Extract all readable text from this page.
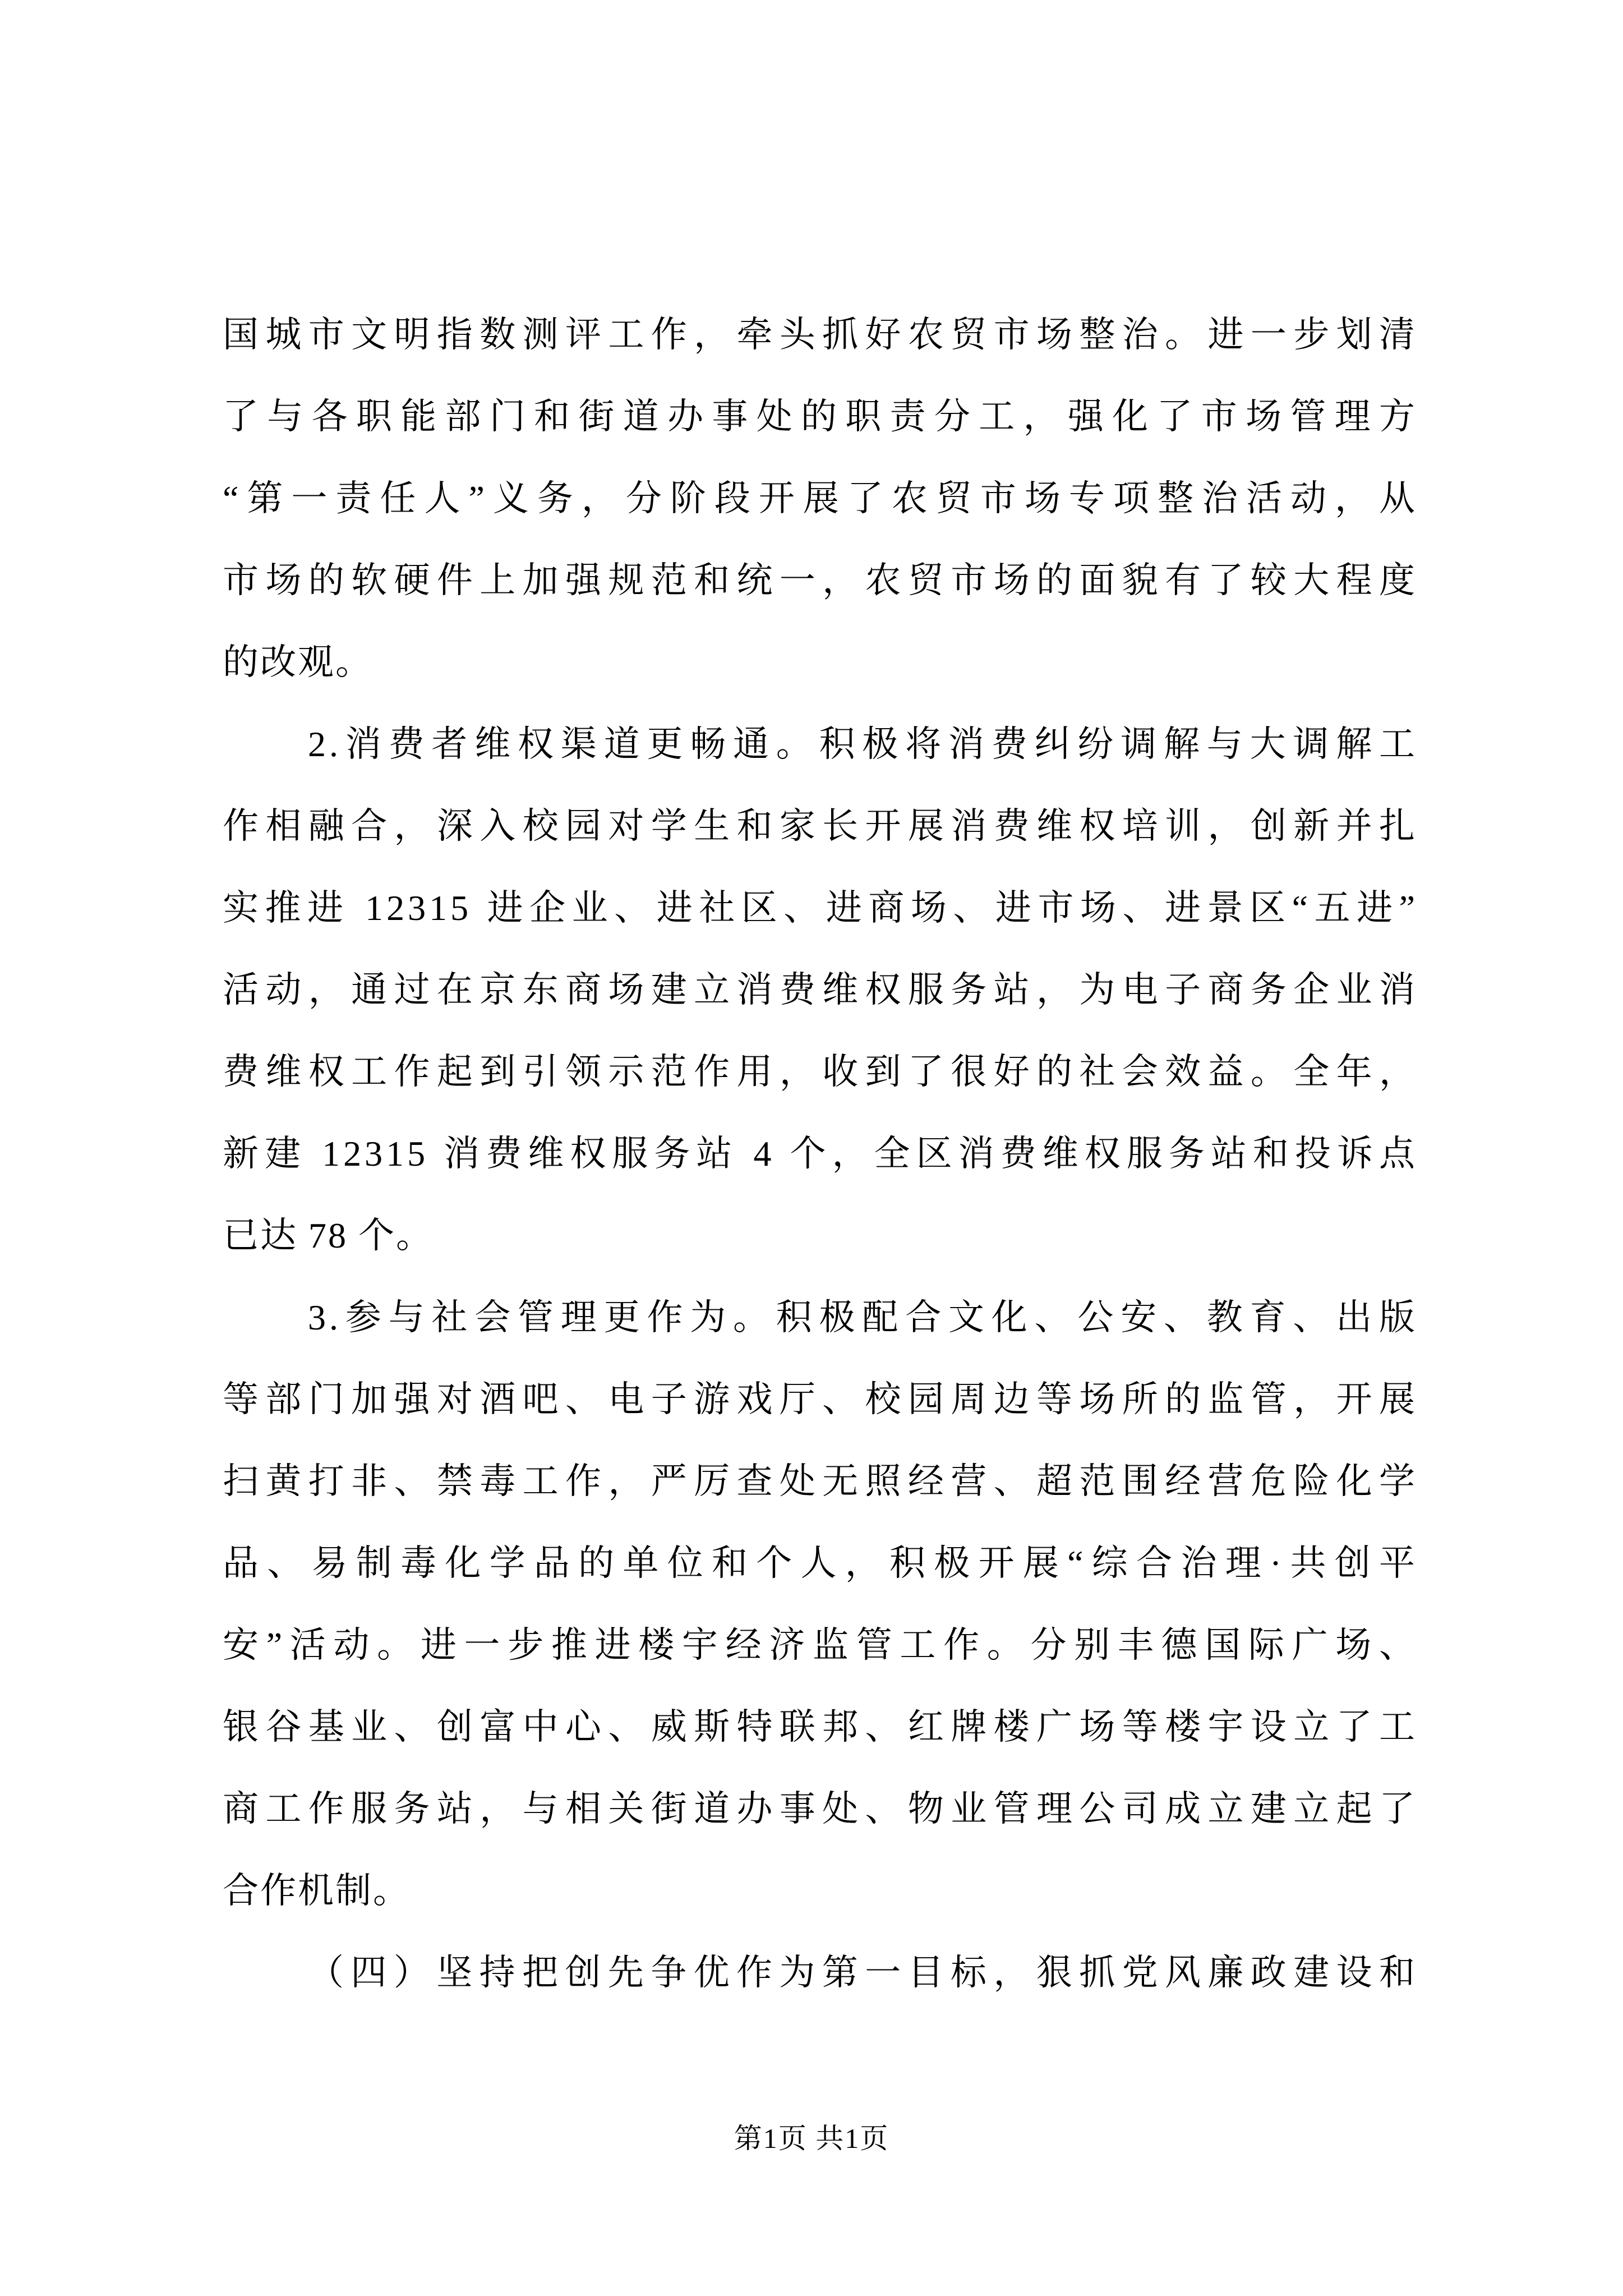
国城市文明指数测评工作，牵头抓好农贸市场整治。进一步划清
了与各职能部门和街道办事处的职责分工，强化了市场管理方
“第一责任人”义务，分阶段开展了农贸市场专项整治活动，从
市场的软硬件上加强规范和统一，农贸市场的面貌有了较大程度
的改观。
2.消费者维权渠道更畅通。积极将消费纠纷调解与大调解工
作相融合，深入校园对学生和家长开展消费维权培训，创新并扎
实推进 12315 进企业、进社区、进商场、进市场、进景区“五进”
活动，通过在京东商场建立消费维权服务站，为电子商务企业消
费维权工作起到引领示范作用，收到了很好的社会效益。全年，
新建 12315 消费维权服务站 4 个，全区消费维权服务站和投诉点
已达 78 个。
3.参与社会管理更作为。积极配合文化、公安、教育、出版
等部门加强对酒吧、电子游戏厅、校园周边等场所的监管，开展
扫黄打非、禁毒工作，严厉查处无照经营、超范围经营危险化学
品、易制毒化学品的单位和个人，积极开展“综合治理·共创平
安”活动。进一步推进楼宇经济监管工作。分别丰德国际广场、
银谷基业、创富中心、威斯特联邦、红牌楼广场等楼宇设立了工
商工作服务站，与相关街道办事处、物业管理公司成立建立起了
合作机制。
（四）坚持把创先争优作为第一目标，狠抓党风廉政建设和
第1页 共1页
